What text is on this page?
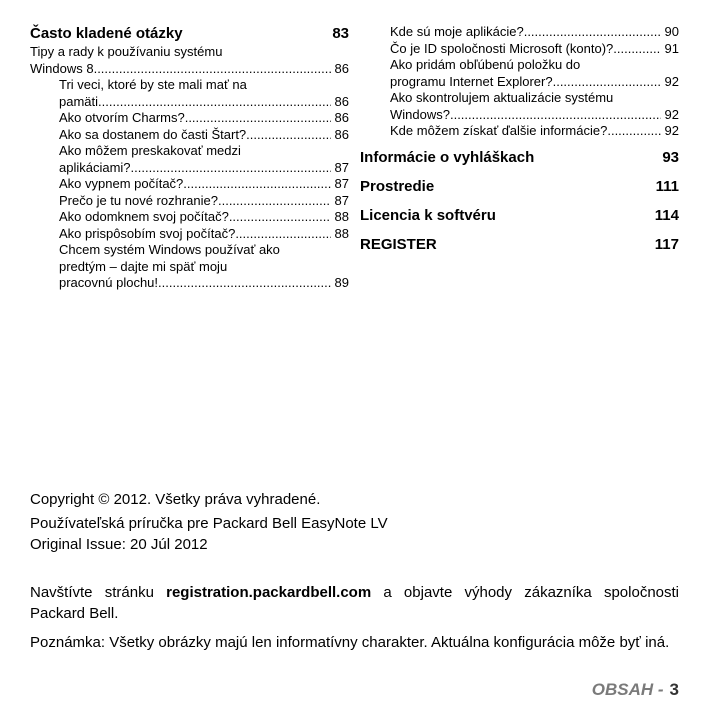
Často kladené otázky	83
Tipy a rady k používaniu systému
Windows 8 .....	86
Tri veci, ktoré by ste mali mať na
pamäti .....	86
Ako otvorím Charms? .....	86
Ako sa dostanem do časti Štart? .....	86
Ako môžem preskakovať medzi
aplikáciami? .....	87
Ako vypnem počítač? .....	87
Prečo je tu nové rozhranie? .....	87
Ako odomknem svoj počítač? .....	88
Ako prispôsobím svoj počítač? .....	88
Chcem systém Windows používať ako
predtým – dajte mi späť moju
pracovnú plochu! .....	89
Kde sú moje aplikácie? .....	90
Čo je ID spoločnosti Microsoft (konto)? .....	91
Ako pridám obľúbenú položku do
programu Internet Explorer? .....	92
Ako skontrolujem aktualizácie systému
Windows? .....	92
Kde môžem získať ďalšie informácie? .....	92
Informácie o vyhláškach	93
Prostredie	111
Licencia k softvéru	114
REGISTER	117
Copyright © 2012. Všetky práva vyhradené.
Používateľská príručka pre Packard Bell EasyNote LV
Original Issue: 20 Júl 2012

Navštívte stránku registration.packardbell.com a objavte výhody zákazníka spoločnosti Packard Bell.

Poznámka: Všetky obrázky majú len informatívny charakter. Aktuálna konfigurácia môže byť iná.

OBSAH - 3
